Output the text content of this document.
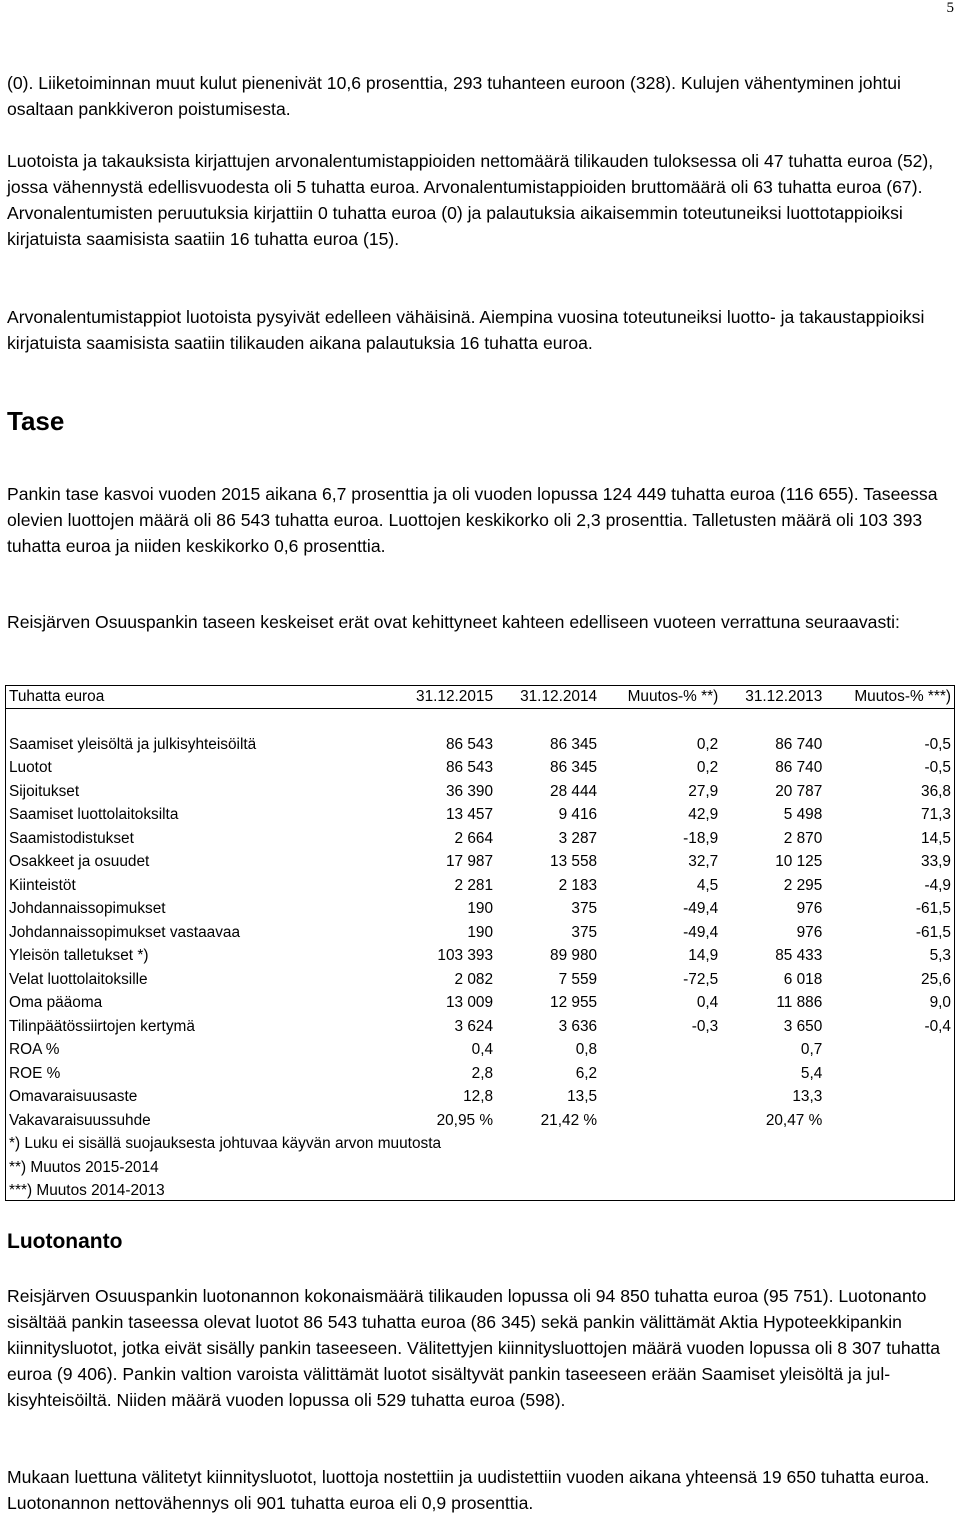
5

(0). Liiketoiminnan muut kulut pienenivät 10,6 prosenttia, 293 tuhanteen euroon (328). Kulujen vähentyminen johtui osaltaan pankkiveron poistumisesta.

Luotoista ja takauksista kirjattujen arvonalentumistappioiden nettomäärä tilikauden tuloksessa oli 47 tuhatta euroa (52), jossa vähennystä edellisvuodesta oli 5 tuhatta euroa. Arvonalentumistappioiden bruttomäärä oli 63 tuhatta euroa (67). Arvonalentumisten peruutuksia kirjattiin 0 tuhatta euroa (0) ja palautuksia aikaisemmin toteutuneiksi luottotappioiksi kirjatuista saamisista saatiin 16 tuhatta euroa (15).

Arvonalentumistappiot luotoista pysyivät edelleen vähäisinä. Aiempina vuosina toteutuneiksi luotto- ja takaustappioiksi kirjatuista saamisista saatiin tilikauden aikana palautuksia 16 tuhatta euroa.

Tase

Pankin tase kasvoi vuoden 2015 aikana 6,7 prosenttia ja oli vuoden lopussa 124 449 tuhatta euroa (116 655). Taseessa olevien luottojen määrä oli 86 543 tuhatta euroa. Luottojen keskikorko oli 2,3 prosenttia. Talletusten määrä oli 103 393 tuhatta euroa ja niiden keskikorko 0,6 prosenttia.

Reisjärven Osuuspankin taseen keskeiset erät ovat kehittyneet kahteen edelliseen vuoteen verrattuna seuraavasti:

Tuhatta euroa	31.12.2015	31.12.2014	Muutos-% **)	31.12.2013	Muutos-% ***)

Saamiset yleisöltä ja julkisyhteisöiltä	86 543	86 345	0,2	86 740	-0,5
Luotot	86 543	86 345	0,2	86 740	-0,5
Sijoitukset	36 390	28 444	27,9	20 787	36,8
Saamiset luottolaitoksilta	13 457	9 416	42,9	5 498	71,3
Saamistodistukset	2 664	3 287	-18,9	2 870	14,5
Osakkeet ja osuudet	17 987	13 558	32,7	10 125	33,9
Kiinteistöt	2 281	2 183	4,5	2 295	-4,9
Johdannaissopimukset	190	375	-49,4	976	-61,5
Johdannaissopimukset vastaavaa	190	375	-49,4	976	-61,5
Yleisön talletukset *)	103 393	89 980	14,9	85 433	5,3
Velat luottolaitoksille	2 082	7 559	-72,5	6 018	25,6
Oma pääoma	13 009	12 955	0,4	11 886	9,0
Tilinpäätössiirtojen kertymä	3 624	3 636	-0,3	3 650	-0,4
ROA %	0,4	0,8		0,7	
ROE %	2,8	6,2		5,4	
Omavaraisuusaste	12,8	13,5		13,3	
Vakavaraisuussuhde	20,95 %	21,42 %		20,47 %	
*) Luku ei sisällä suojauksesta johtuvaa käyvän arvon muutosta					
**) Muutos 2015-2014					
***) Muutos 2014-2013					
Luotonanto

Reisjärven Osuuspankin luotonannon kokonaismäärä tilikauden lopussa oli 94 850 tuhatta euroa (95 751). Luotonanto sisältää pankin taseessa olevat luotot 86 543 tuhatta euroa (86 345) sekä pankin välittämät Aktia Hypoteekkipankin kiinnitysluotot, jotka eivät sisälly pankin taseeseen. Välitettyjen kiinnitysluottojen määrä vuoden lopussa oli 8 307 tuhatta euroa (9 406). Pankin valtion varoista välittämät luotot sisältyvät pankin taseeseen erään Saamiset yleisöltä ja julkisyhteisöiltä. Niiden määrä vuoden lopussa oli 529 tuhatta euroa (598).

Mukaan luettuna välitetyt kiinnitysluotot, luottoja nostettiin ja uudistettiin vuoden aikana yhteensä 19 650 tuhatta euroa. Luotonannon nettovähennys oli 901 tuhatta euroa eli 0,9 prosenttia.
